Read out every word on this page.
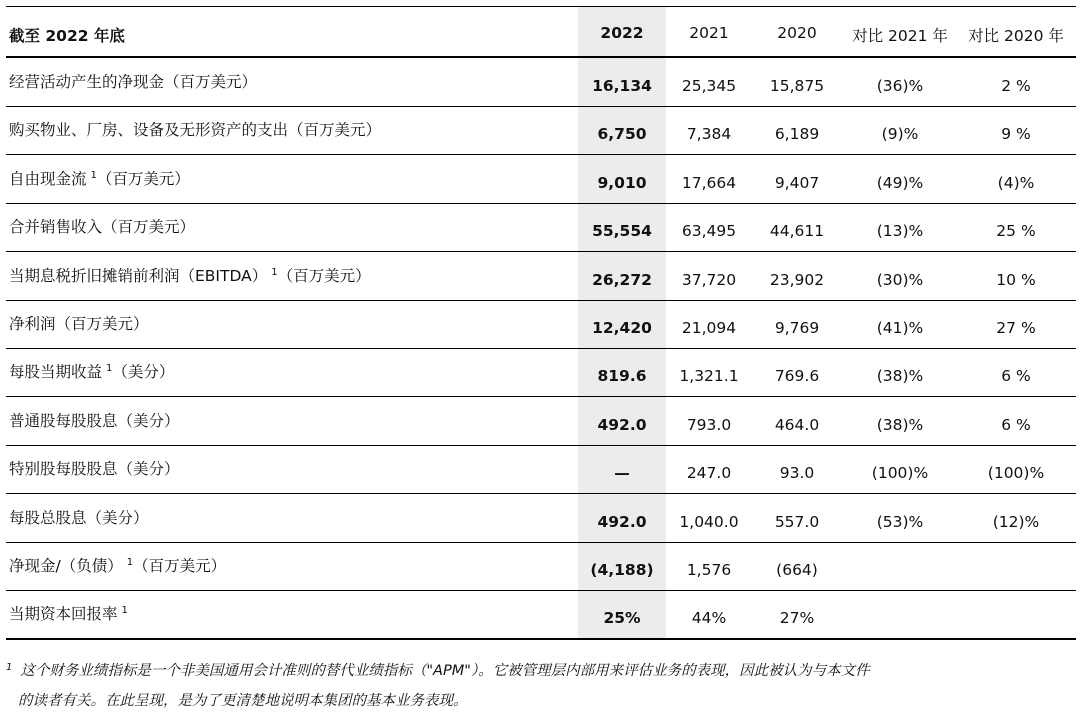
截至 2022 年底	2022	2021	2020	对比 2021 年	对比 2020 年
经营活动产生的净现金（百万美元）	16,134	25,345	15,875	(36)%	2 %
购买物业、厂房、设备及无形资产的支出（百万美元）	6,750	7,384	6,189	(9)%	9 %
自由现金流 $^1$（百万美元）	9,010	17,664	9,407	(49)%	(4)%
合并销售收入（百万美元）	55,554	63,495	44,611	(13)%	25 %
当期息税折旧摊销前利润（EBITDA） $^1$（百万美元）	26,272	37,720	23,902	(30)%	10 %
净利润（百万美元）	12,420	21,094	9,769	(41)%	27 %
每股当期收益 $^1$（美分）	819.6	1,321.1	769.6	(38)%	6 %
普通股每股股息（美分）	492.0	793.0	464.0	(38)%	6 %
特别股每股股息（美分）	—	247.0	93.0	(100)%	(100)%
每股总股息（美分）	492.0	1,040.0	557.0	(53)%	(12)%
净现金/（负债） $^1$（百万美元）	(4,188)	1,576	(664)
当期资本回报率 $^1$	25%	44%	27%
$^1$ 这个财务业绩指标是一个非美国通用会计准则的替代业绩指标（"APM"）。它被管理层内部用来评估业务的表现，因此被认为与本文件
的读者有关。在此呈现，是为了更清楚地说明本集团的基本业务表现。
